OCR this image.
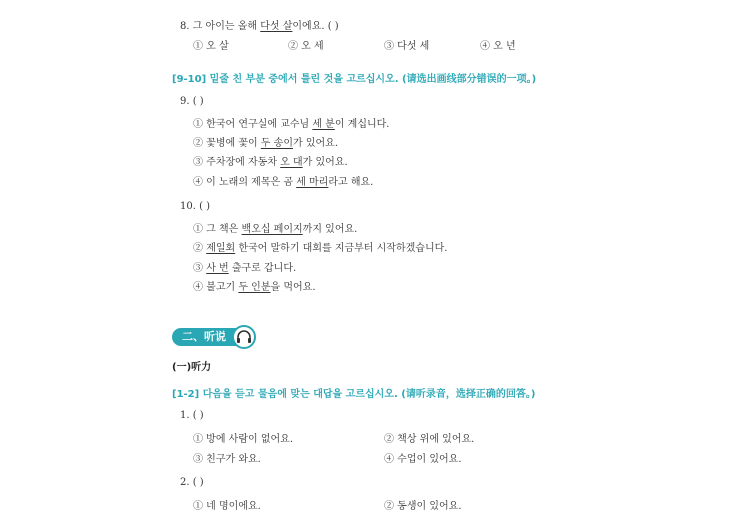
8. 그 아이는 올해 다섯 살이에요. ( )
① 오 살	② 오 세	③ 다섯 세	④ 오 년
[9-10] 밑줄 친 부분 중에서 틀린 것을 고르십시오. (请选出画线部分错误的一项。)
9. ( )
① 한국어 연구실에 교수님 세 분이 계십니다.
② 꽃병에 꽃이 두 송이가 있어요.
③ 주차장에 자동차 오 대가 있어요.
④ 이 노래의 제목은 곰 세 마리라고 해요.
10. ( )
① 그 책은 백오십 페이지까지 있어요.
② 제일회 한국어 말하기 대회를 지금부터 시작하겠습니다.
③ 사 번 출구로 갑니다.
④ 불고기 두 인분을 먹어요.
二、听说
(一)听力
[1-2] 다음을 듣고 물음에 맞는 대답을 고르십시오. (请听录音，选择正确的回答。)
1. ( )
① 방에 사람이 없어요.	② 책상 위에 있어요.
③ 친구가 와요.	④ 수업이 있어요.
2. ( )
① 네 명이에요.	② 동생이 있어요.
